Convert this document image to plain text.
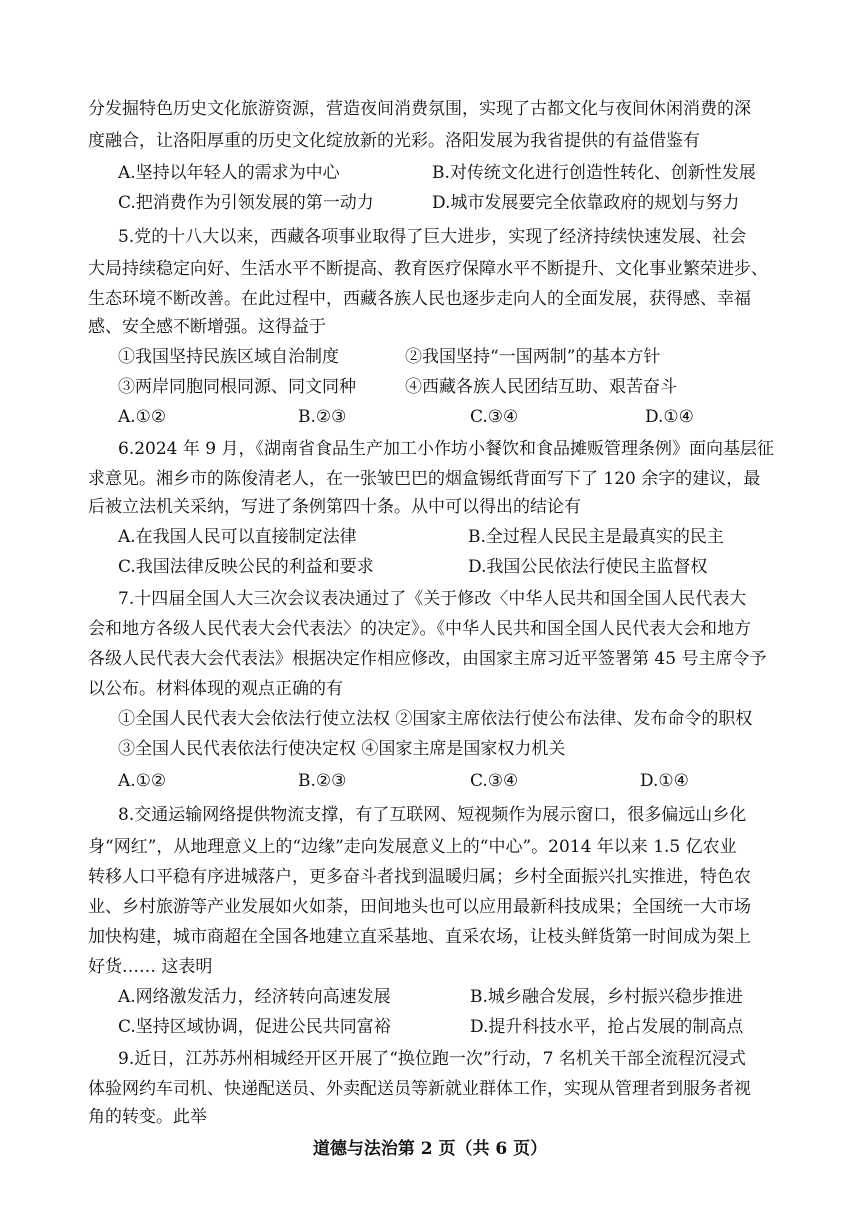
分发掘特色历史文化旅游资源，营造夜间消费氛围，实现了古都文化与夜间休闲消费的深
度融合，让洛阳厚重的历史文化绽放新的光彩。洛阳发展为我省提供的有益借鉴有
A.坚持以年轻人的需求为中心	B.对传统文化进行创造性转化、创新性发展
C.把消费作为引领发展的第一动力	D.城市发展要完全依靠政府的规划与努力
5.党的十八大以来，西藏各项事业取得了巨大进步，实现了经济持续快速发展、社会
大局持续稳定向好、生活水平不断提高、教育医疗保障水平不断提升、文化事业繁荣进步、
生态环境不断改善。在此过程中，西藏各族人民也逐步走向人的全面发展，获得感、幸福
感、安全感不断增强。这得益于
①我国坚持民族区域自治制度	②我国坚持“一国两制”的基本方针
③两岸同胞同根同源、同文同种	④西藏各族人民团结互助、艰苦奋斗
A.①②	B.②③	C.③④	D.①④
6.2024 年 9 月，《湖南省食品生产加工小作坊小餐饮和食品摊贩管理条例》面向基层征
求意见。湘乡市的陈俊清老人，在一张皱巴巴的烟盒锡纸背面写下了 120 余字的建议，最
后被立法机关采纳，写进了条例第四十条。从中可以得出的结论有
A.在我国人民可以直接制定法律	B.全过程人民民主是最真实的民主
C.我国法律反映公民的利益和要求	D.我国公民依法行使民主监督权
7.十四届全国人大三次会议表决通过了《关于修改〈中华人民共和国全国人民代表大
会和地方各级人民代表大会代表法〉的决定》。《中华人民共和国全国人民代表大会和地方
各级人民代表大会代表法》根据决定作相应修改，由国家主席习近平签署第 45 号主席令予
以公布。材料体现的观点正确的有
①全国人民代表大会依法行使立法权 ②国家主席依法行使公布法律、发布命令的职权
③全国人民代表依法行使决定权 ④国家主席是国家权力机关
A.①②	B.②③	C.③④	D.①④
8.交通运输网络提供物流支撑，有了互联网、短视频作为展示窗口，很多偏远山乡化
身“网红”，从地理意义上的“边缘”走向发展意义上的“中心”。2014 年以来 1.5 亿农业
转移人口平稳有序进城落户，更多奋斗者找到温暖归属；乡村全面振兴扎实推进，特色农
业、乡村旅游等产业发展如火如荼，田间地头也可以应用最新科技成果；全国统一大市场
加快构建，城市商超在全国各地建立直采基地、直采农场，让枝头鲜货第一时间成为架上
好货…… 这表明
A.网络激发活力，经济转向高速发展	B.城乡融合发展，乡村振兴稳步推进
C.坚持区域协调，促进公民共同富裕	D.提升科技水平，抢占发展的制高点
9.近日，江苏苏州相城经开区开展了“换位跑一次”行动，7 名机关干部全流程沉浸式
体验网约车司机、快递配送员、外卖配送员等新就业群体工作，实现从管理者到服务者视
角的转变。此举
道德与法治第 2 页（共 6 页）
